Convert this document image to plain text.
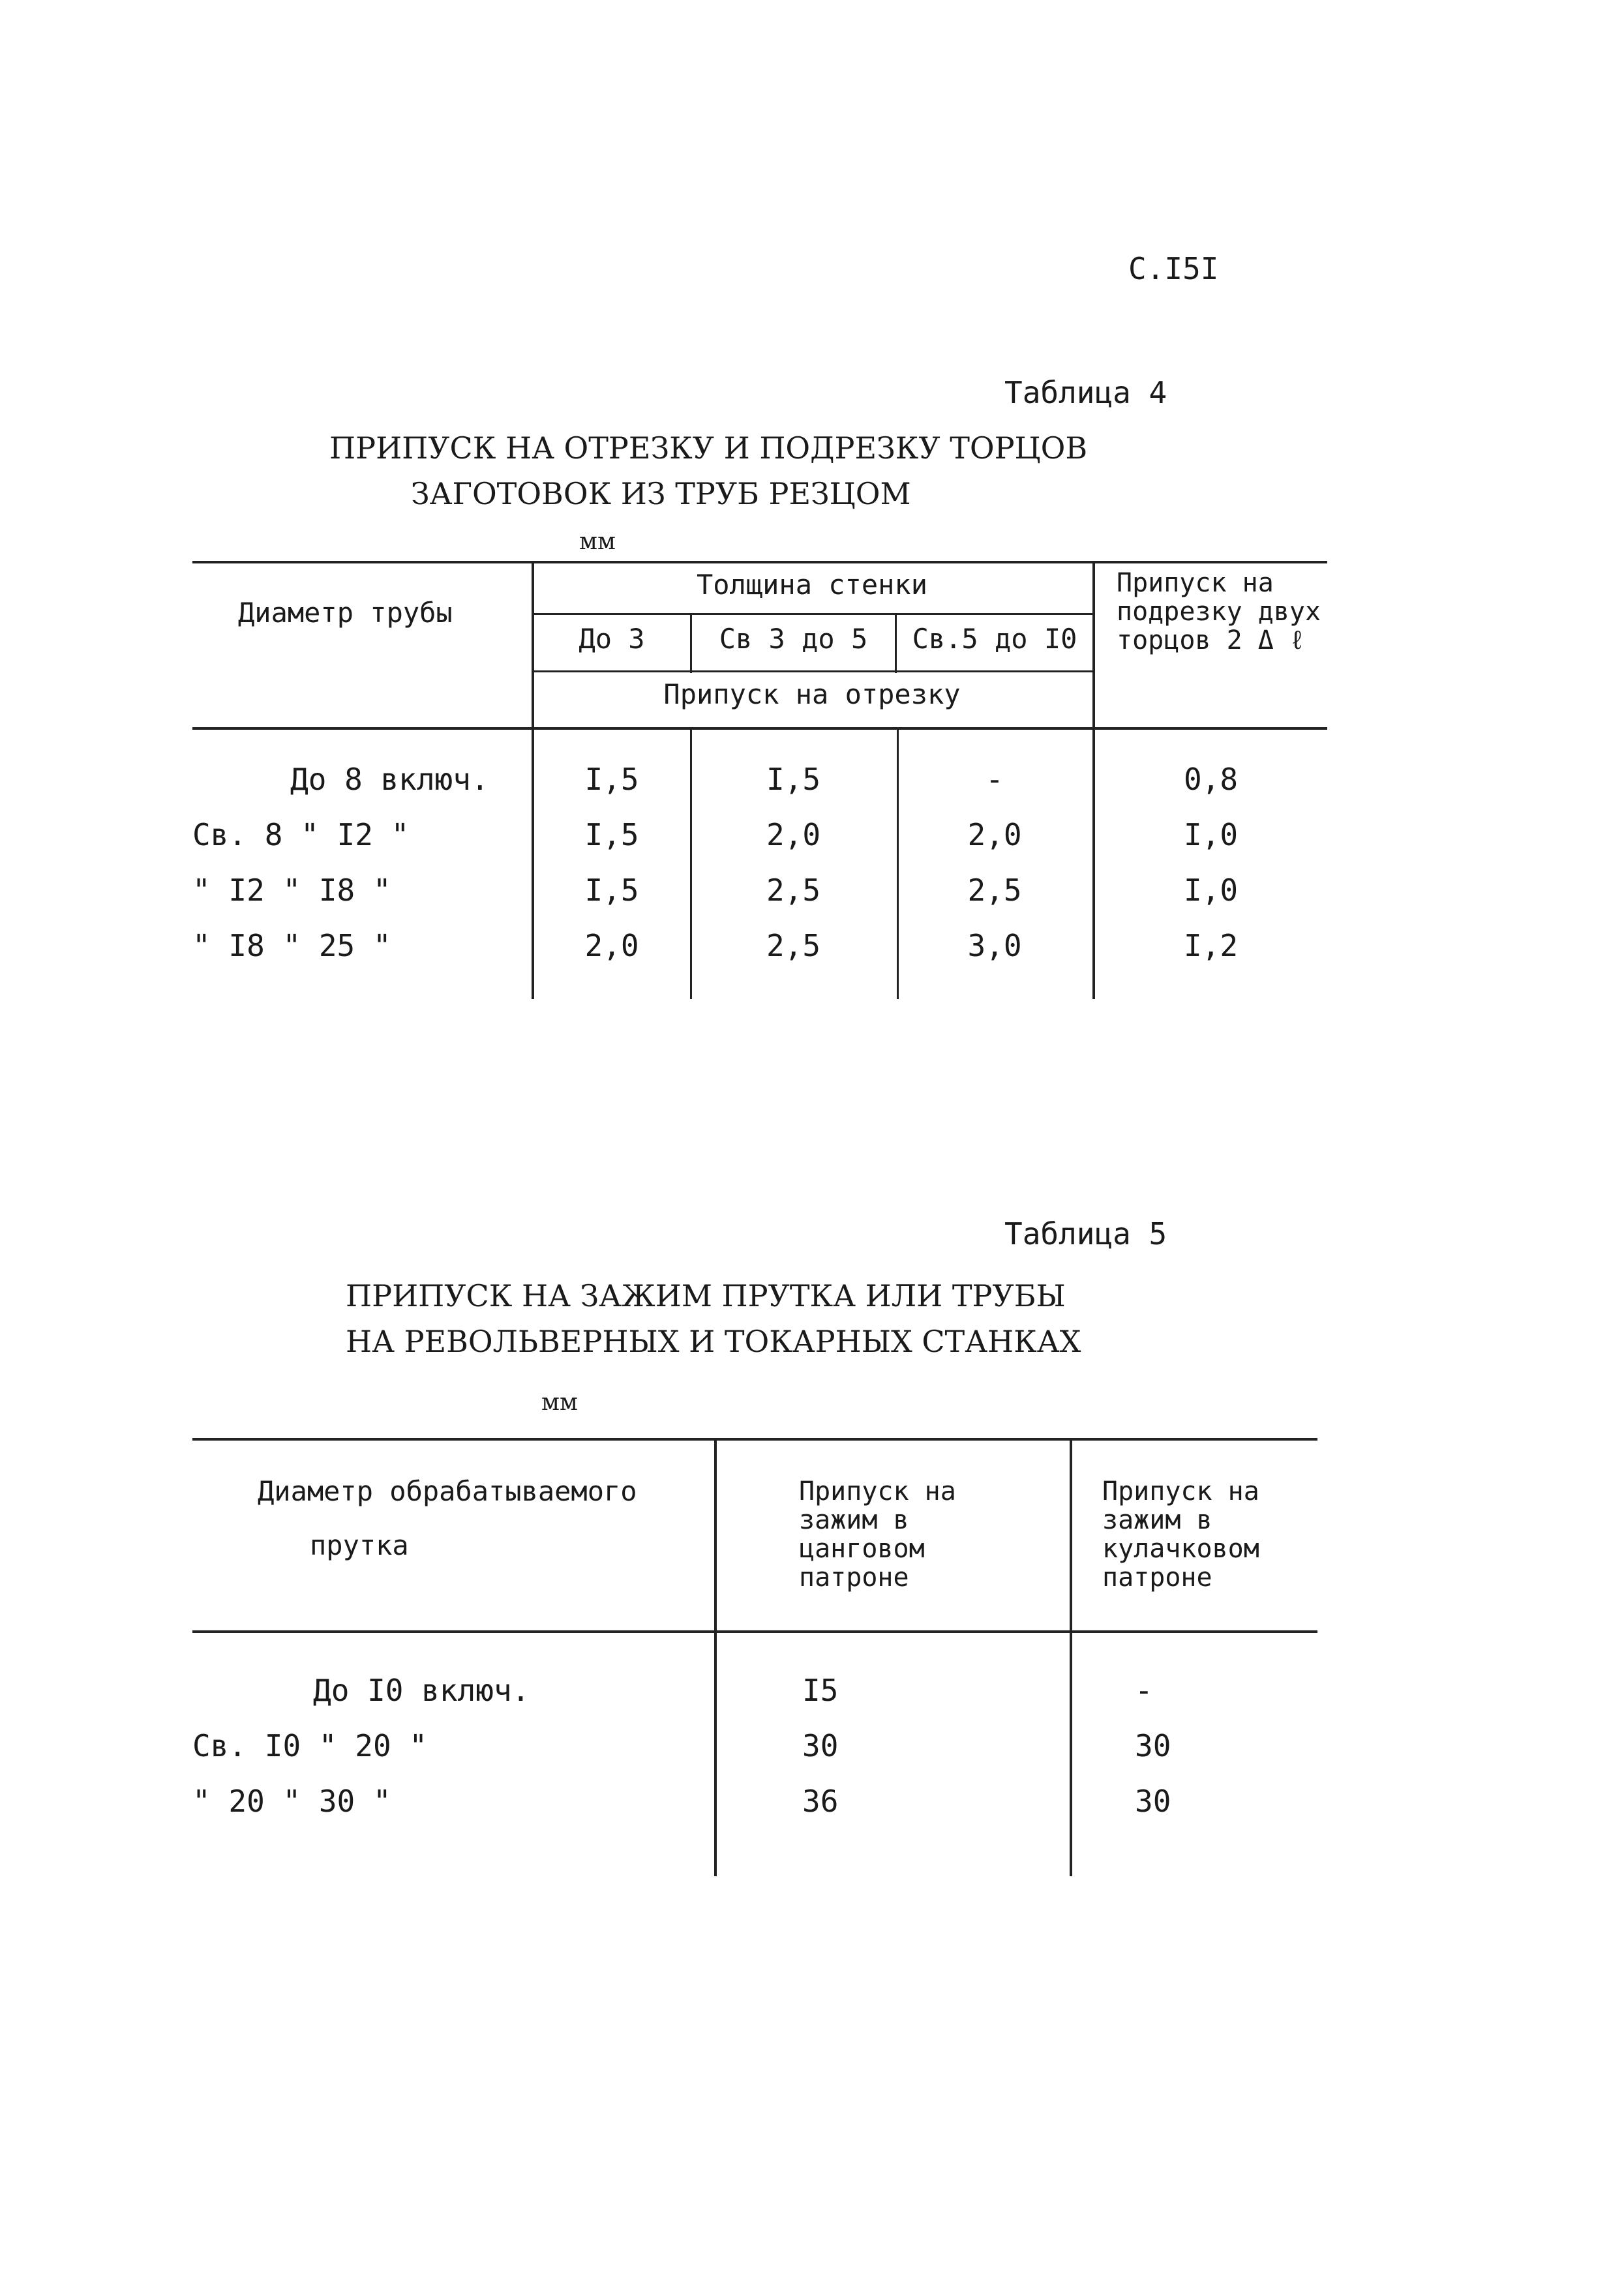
С.I5I
Таблица 4
ПРИПУСК НА ОТРЕЗКУ И ПОДРЕЗКУ ТОРЦОВ
ЗАГОТОВОК ИЗ ТРУБ РЕЗЦОМ
мм
Диаметр трубы
Толщина стенки
До 3	Св 3 до 5	Св.5 до I0
Припуск на отрезку
Припуск на подрезку двух торцов 2 Δ ℓ
До 8 включ.	I,5	I,5	-	0,8
Св. 8 " I2 "	I,5	2,0	2,0	I,0
" I2 " I8 "	I,5	2,5	2,5	I,0
" I8 " 25 "	2,0	2,5	3,0	I,2
Таблица 5
ПРИПУСК НА ЗАЖИМ ПРУТКА ИЛИ ТРУБЫ
НА РЕВОЛЬВЕРНЫХ И ТОКАРНЫХ СТАНКАХ
мм
Диаметр обрабатываемого
прутка
Припуск на зажим в цанговом патроне
Припуск на зажим в кулачковом патроне
До I0 включ.	I5	-
Св. I0 " 20 "	30	30
" 20 " 30 "	36	30
